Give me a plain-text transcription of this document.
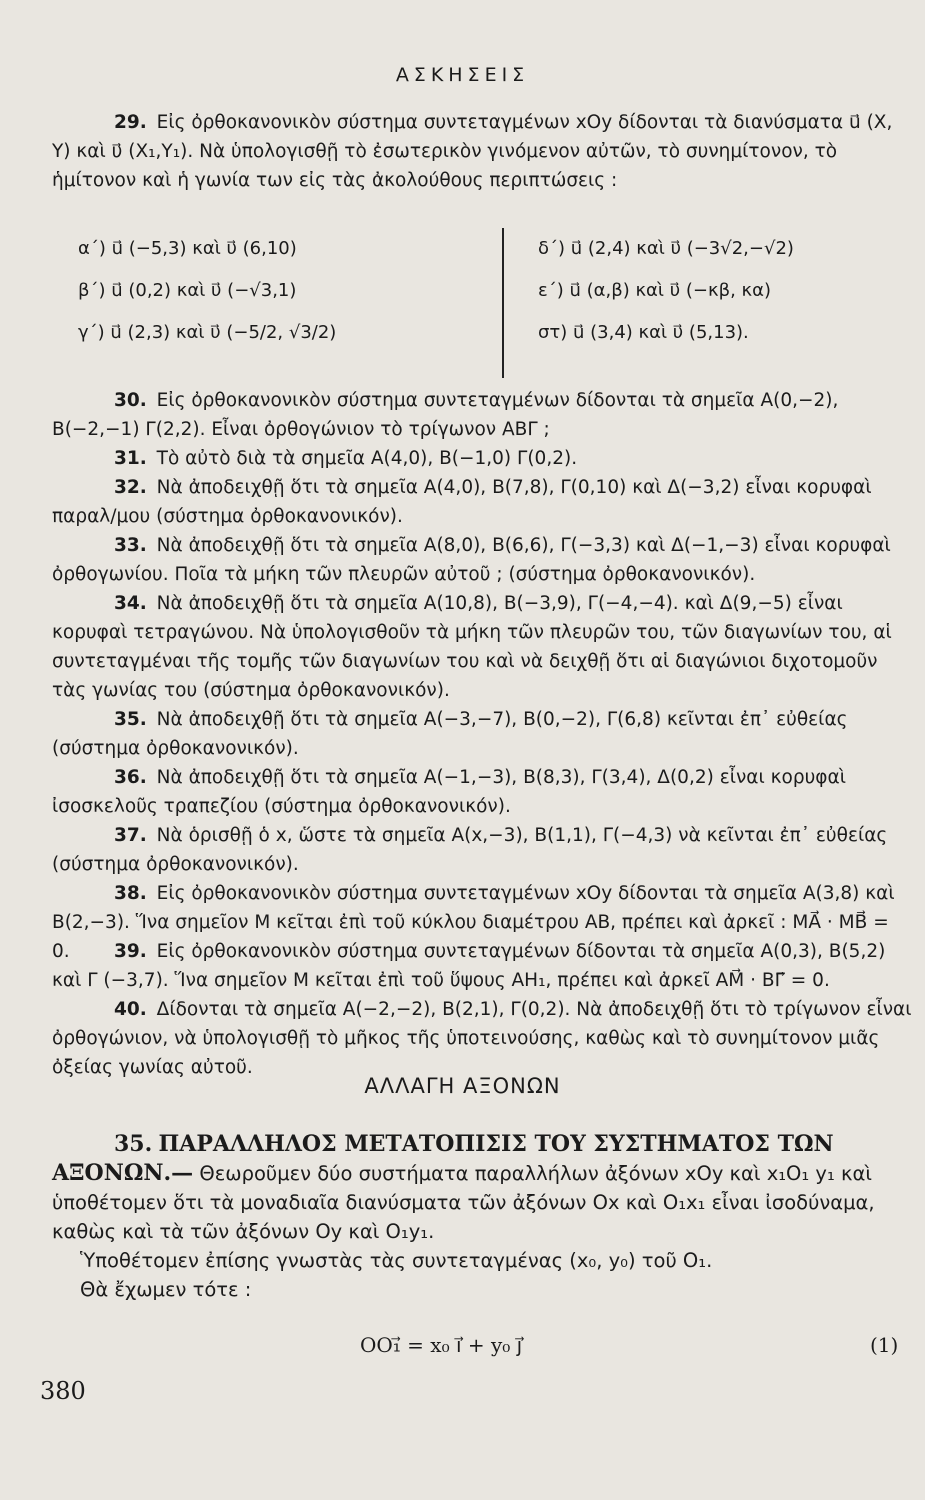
ΑΣΚΗΣΕΙΣ
29. Εἰς ὀρθοκανονικὸν σύστημα συντεταγμένων xOy δίδονται τὰ διανύσματα u⃗ (X, Y) καὶ υ⃗ (X₁,Y₁). Νὰ ὑπολογισθῇ τὸ ἐσωτερικὸν γινόμενον αὐτῶν, τὸ συνημίτονον, τὸ ἡμίτονον καὶ ἡ γωνία των εἰς τὰς ἀκολούθους περιπτώσεις :
α΄) u⃗ (−5,3) καὶ υ⃗ (6,10)
β΄) u⃗ (0,2) καὶ υ⃗ (−√3,1)
γ΄) u⃗ (2,3) καὶ υ⃗ (−5/2, √3/2)
δ΄) u⃗ (2,4) καὶ υ⃗ (−3√2,−√2)
ε΄) u⃗ (α,β) καὶ υ⃗ (−κβ, κα)
στ) u⃗ (3,4) καὶ υ⃗ (5,13).
30. Εἰς ὀρθοκανονικὸν σύστημα συντεταγμένων δίδονται τὰ σημεῖα A(0,−2), B(−2,−1) Γ(2,2). Εἶναι ὀρθογώνιον τὸ τρίγωνον ΑΒΓ ;
31. Τὸ αὐτὸ διὰ τὰ σημεῖα A(4,0), B(−1,0) Γ(0,2).
32. Νὰ ἀποδειχθῇ ὅτι τὰ σημεῖα A(4,0), B(7,8), Γ(0,10) καὶ Δ(−3,2) εἶναι κορυφαὶ παραλ/μου (σύστημα ὀρθοκανονικόν).
33. Νὰ ἀποδειχθῇ ὅτι τὰ σημεῖα A(8,0), B(6,6), Γ(−3,3) καὶ Δ(−1,−3) εἶναι κορυφαὶ ὀρθογωνίου. Ποῖα τὰ μήκη τῶν πλευρῶν αὐτοῦ ; (σύστημα ὀρθοκανονικόν).
34. Νὰ ἀποδειχθῇ ὅτι τὰ σημεῖα A(10,8), B(−3,9), Γ(−4,−4). καὶ Δ(9,−5) εἶναι κορυφαὶ τετραγώνου. Νὰ ὑπολογισθοῦν τὰ μήκη τῶν πλευρῶν του, τῶν διαγωνίων του, αἱ συντεταγμέναι τῆς τομῆς τῶν διαγωνίων του καὶ νὰ δειχθῇ ὅτι αἱ διαγώνιοι διχοτομοῦν τὰς γωνίας του (σύστημα ὀρθοκανονικόν).
35. Νὰ ἀποδειχθῇ ὅτι τὰ σημεῖα A(−3,−7), B(0,−2), Γ(6,8) κεῖνται ἐπ᾿ εὐθείας (σύστημα ὀρθοκανονικόν).
36. Νὰ ἀποδειχθῇ ὅτι τὰ σημεῖα A(−1,−3), B(8,3), Γ(3,4), Δ(0,2) εἶναι κορυφαὶ ἰσοσκελοῦς τραπεζίου (σύστημα ὀρθοκανονικόν).
37. Νὰ ὁρισθῇ ὁ x, ὥστε τὰ σημεῖα A(x,−3), B(1,1), Γ(−4,3) νὰ κεῖνται ἐπ᾿ εὐθείας (σύστημα ὀρθοκανονικόν).
38. Εἰς ὀρθοκανονικὸν σύστημα συντεταγμένων xOy δίδονται τὰ σημεῖα A(3,8) καὶ B(2,−3). Ἵνα σημεῖον M κεῖται ἐπὶ τοῦ κύκλου διαμέτρου AB, πρέπει καὶ ἀρκεῖ : MA⃗ · MB⃗ = 0.	39. Εἰς ὀρθοκανονικὸν σύστημα συντεταγμένων δίδονται τὰ σημεῖα A(0,3), B(5,2) καὶ Γ (−3,7). Ἵνα σημεῖον M κεῖται ἐπὶ τοῦ ὕψους AH₁, πρέπει καὶ ἀρκεῖ AM⃗ · BΓ⃗ = 0.
40. Δίδονται τὰ σημεῖα A(−2,−2), B(2,1), Γ(0,2). Νὰ ἀποδειχθῇ ὅτι τὸ τρίγωνον εἶναι ὀρθογώνιον, νὰ ὑπολογισθῇ τὸ μῆκος τῆς ὑποτεινούσης, καθὼς καὶ τὸ συνημίτονον μιᾶς ὀξείας γωνίας αὐτοῦ.
ΑΛΛΑΓΗ ΑΞΟΝΩΝ
35. ΠΑΡΑΛΛΗΛΟΣ ΜΕΤΑΤΟΠΙΣΙΣ ΤΟΥ ΣΥΣΤΗΜΑΤΟΣ ΤΩΝ ΑΞΟΝΩΝ.— Θεωροῦμεν δύο συστήματα παραλλήλων ἀξόνων xOy καὶ x₁O₁ y₁ καὶ ὑποθέτομεν ὅτι τὰ μοναδιαῖα διανύσματα τῶν ἀξόνων Ox καὶ O₁x₁ εἶναι ἰσοδύναμα, καθὼς καὶ τὰ τῶν ἀξόνων Oy καὶ O₁y₁.
Ὑποθέτομεν ἐπίσης γνωστὰς τὰς συντεταγμένας (x₀, y₀) τοῦ O₁.
Θὰ ἔχωμεν τότε :
OO₁⃗ = x₀ ı⃗ + y₀ j⃗	(1)
380
